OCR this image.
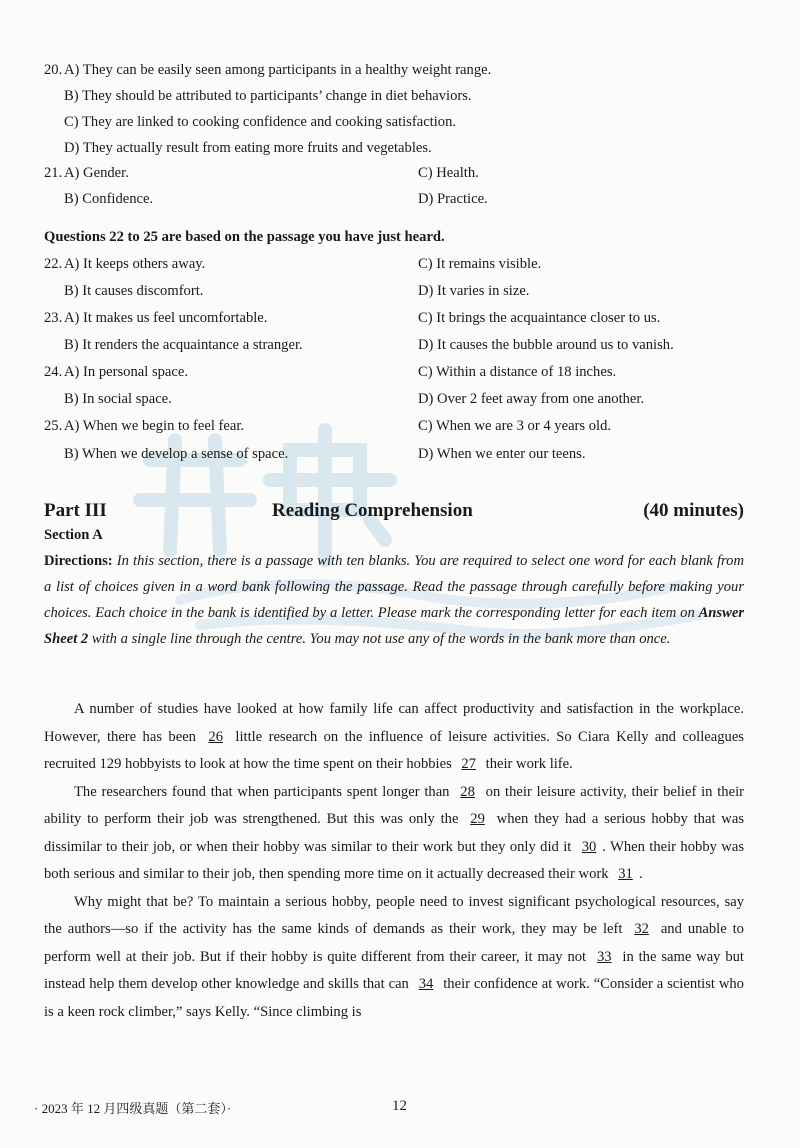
20. A) They can be easily seen among participants in a healthy weight range.
B) They should be attributed to participants’ change in diet behaviors.
C) They are linked to cooking confidence and cooking satisfaction.
D) They actually result from eating more fruits and vegetables.
21. A) Gender.	C) Health.
B) Confidence.	D) Practice.
Questions 22 to 25 are based on the passage you have just heard.
22. A) It keeps others away.	C) It remains visible.
B) It causes discomfort.	D) It varies in size.
23. A) It makes us feel uncomfortable.	C) It brings the acquaintance closer to us.
B) It renders the acquaintance a stranger.	D) It causes the bubble around us to vanish.
24. A) In personal space.	C) Within a distance of 18 inches.
B) In social space.	D) Over 2 feet away from one another.
25. A) When we begin to feel fear.	C) When we are 3 or 4 years old.
B) When we develop a sense of space.	D) When we enter our teens.
Part III	Reading Comprehension	(40 minutes)
Section A
Directions: In this section, there is a passage with ten blanks. You are required to select one word for each blank from a list of choices given in a word bank following the passage. Read the passage through carefully before making your choices. Each choice in the bank is identified by a letter. Please mark the corresponding letter for each item on Answer Sheet 2 with a single line through the centre. You may not use any of the words in the bank more than once.

A number of studies have looked at how family life can affect productivity and satisfaction in the workplace. However, there has been 26 little research on the influence of leisure activities. So Ciara Kelly and colleagues recruited 129 hobbyists to look at how the time spent on their hobbies 27 their work life.

The researchers found that when participants spent longer than 28 on their leisure activity, their belief in their ability to perform their job was strengthened. But this was only the 29 when they had a serious hobby that was dissimilar to their job, or when their hobby was similar to their work but they only did it 30 . When their hobby was both serious and similar to their job, then spending more time on it actually decreased their work 31 .

Why might that be? To maintain a serious hobby, people need to invest significant psychological resources, say the authors—so if the activity has the same kinds of demands as their work, they may be left 32 and unable to perform well at their job. But if their hobby is quite different from their career, it may not 33 in the same way but instead help them develop other knowledge and skills that can 34 their confidence at work. “Consider a scientist who is a keen rock climber,” says Kelly. “Since climbing is

· 2023 年 12 月四级真题（第二套）·	12
